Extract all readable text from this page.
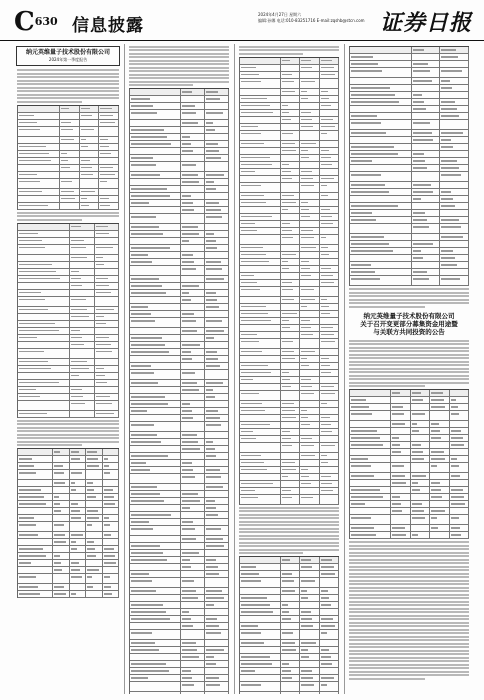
C630 信息披露
2024年4月27日 星期六
编辑:孙娜 电话:010-83251716 E-mail:zqshb@stcn.com 证券日报
纳元英维量子技术股份有限公司
2024年第一季度报告
纳元英维量子技术股份有限公司
关于召开变更部分募集资金用途暨
与关联方共同投资的公告
